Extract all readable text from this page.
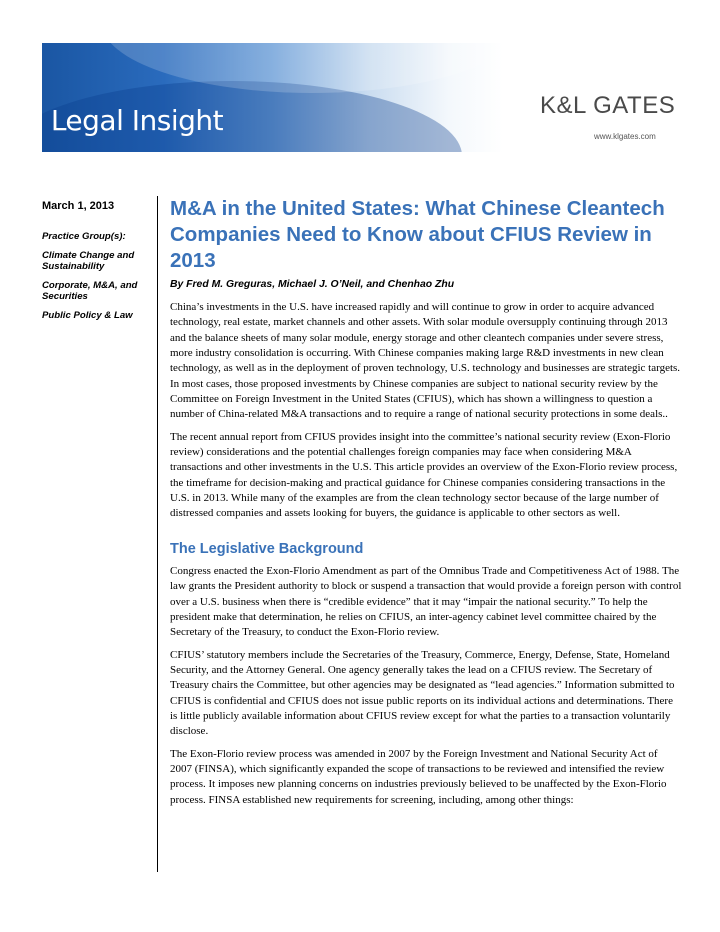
Legal Insight	K&L GATES
www.klgates.com
March 1, 2013
Practice Group(s):
Climate Change and Sustainability
Corporate, M&A, and Securities
Public Policy & Law
M&A in the United States: What Chinese Cleantech Companies Need to Know about CFIUS Review in 2013
By Fred M. Greguras, Michael J. O’Neil, and Chenhao Zhu

China’s investments in the U.S. have increased rapidly and will continue to grow in order to acquire advanced technology, real estate, market channels and other assets. With solar module oversupply continuing through 2013 and the balance sheets of many solar module, energy storage and other cleantech companies under severe stress, more industry consolidation is occurring. With Chinese companies making large R&D investments in new clean technology, as well as in the deployment of proven technology, U.S. technology and businesses are strategic targets. In most cases, those proposed investments by Chinese companies are subject to national security review by the Committee on Foreign Investment in the United States (CFIUS), which has shown a willingness to question a number of China-related M&A transactions and to require a range of national security protections in some deals..

The recent annual report from CFIUS provides insight into the committee’s national security review (Exon-Florio review) considerations and the potential challenges foreign companies may face when considering M&A transactions and other investments in the U.S. This article provides an overview of the Exon-Florio review process, the timeframe for decision-making and practical guidance for Chinese companies considering transactions in the U.S. in 2013. While many of the examples are from the clean technology sector because of the large number of distressed companies and assets looking for buyers, the guidance is applicable to other sectors as well.

The Legislative Background

Congress enacted the Exon-Florio Amendment as part of the Omnibus Trade and Competitiveness Act of 1988. The law grants the President authority to block or suspend a transaction that would provide a foreign person with control over a U.S. business when there is “credible evidence” that it may “impair the national security.” To help the president make that determination, he relies on CFIUS, an inter-agency cabinet level committee chaired by the Secretary of the Treasury, to conduct the Exon-Florio review.

CFIUS’ statutory members include the Secretaries of the Treasury, Commerce, Energy, Defense, State, Homeland Security, and the Attorney General. One agency generally takes the lead on a CFIUS review. The Secretary of Treasury chairs the Committee, but other agencies may be designated as “lead agencies.” Information submitted to CFIUS is confidential and CFIUS does not issue public reports on its individual actions and determinations. There is little publicly available information about CFIUS review except for what the parties to a transaction voluntarily disclose.

The Exon-Florio review process was amended in 2007 by the Foreign Investment and National Security Act of 2007 (FINSA), which significantly expanded the scope of transactions to be reviewed and intensified the review process. It imposes new planning concerns on industries previously believed to be unaffected by the Exon-Florio process. FINSA established new requirements for screening, including, among other things:
